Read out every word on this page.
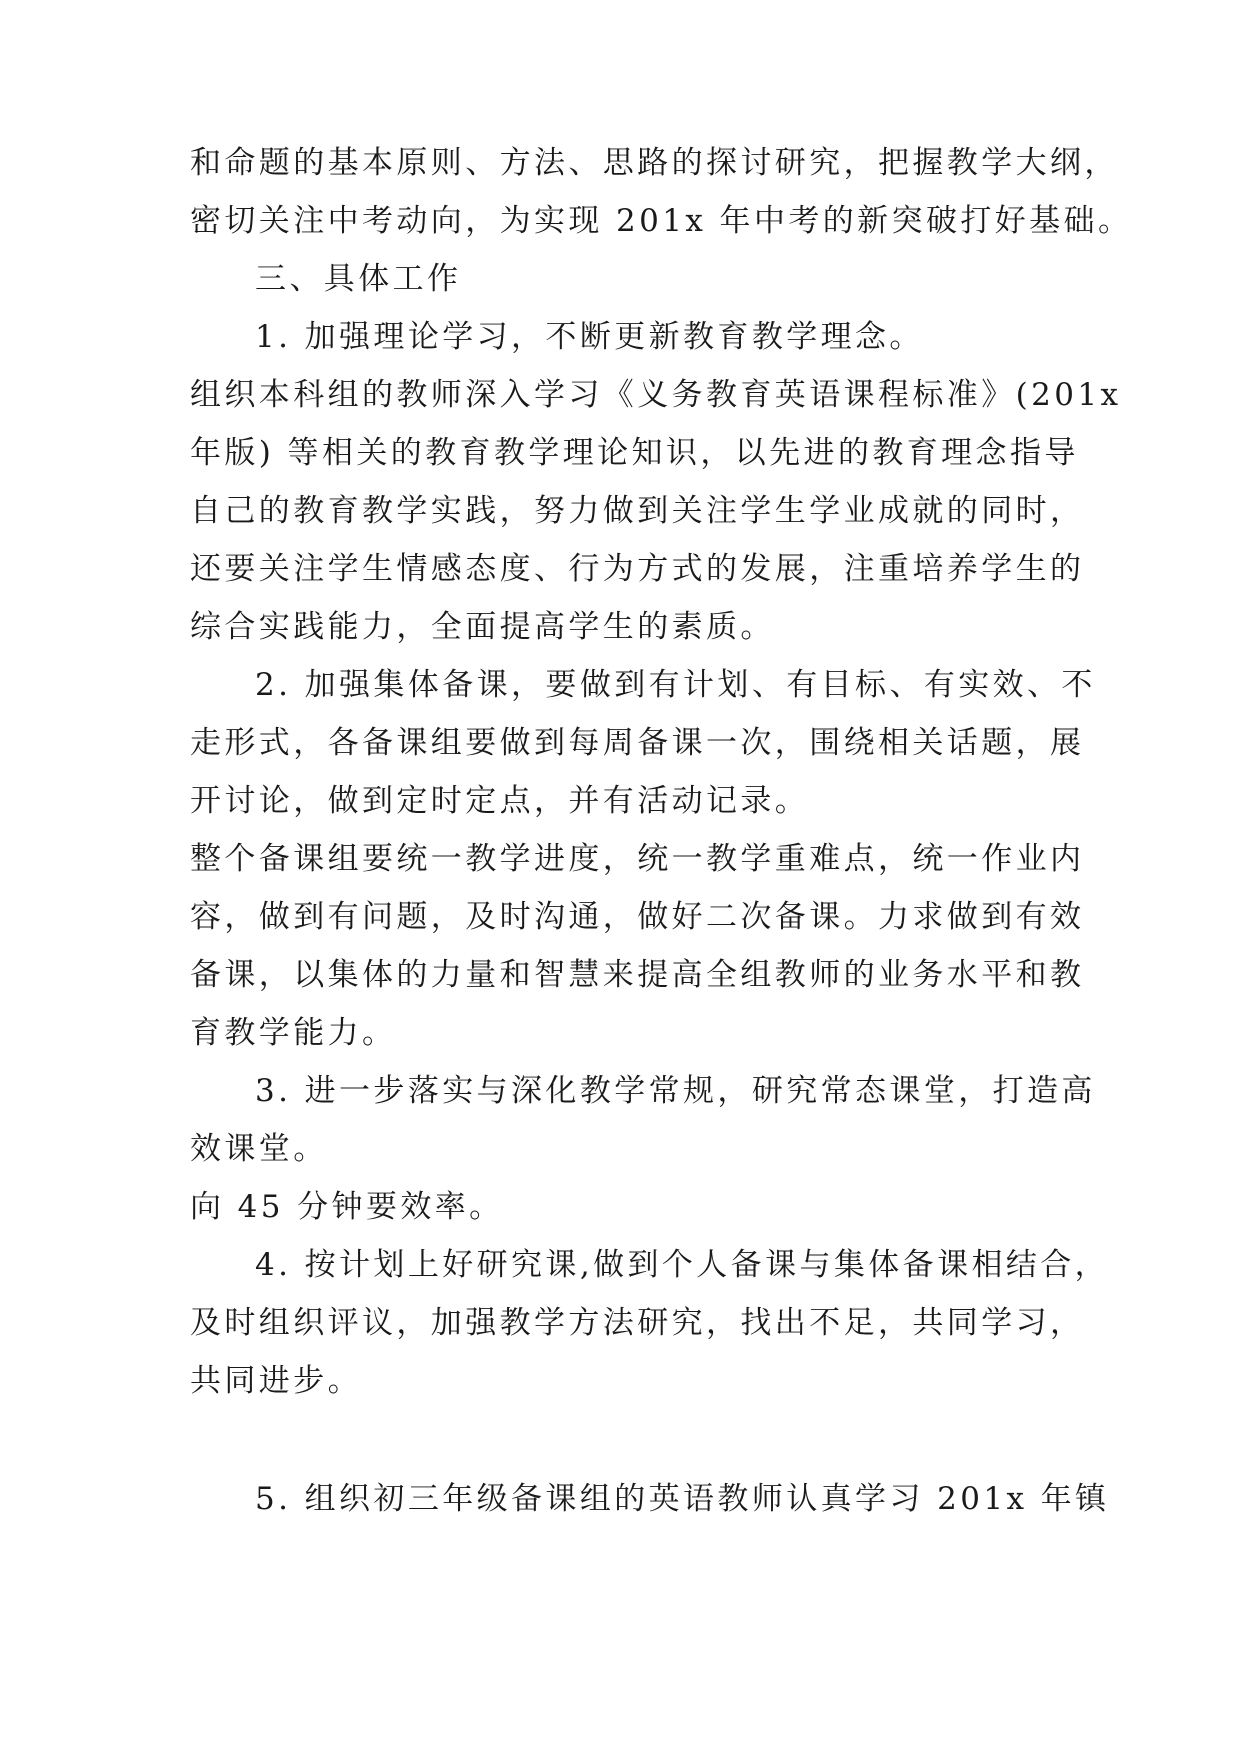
和命题的基本原则、方法、思路的探讨研究，把握教学大纲，
密切关注中考动向，为实现 201x 年中考的新突破打好基础。
三、具体工作
1. 加强理论学习，不断更新教育教学理念。
组织本科组的教师深入学习《义务教育英语课程标准》(201x
年版) 等相关的教育教学理论知识，以先进的教育理念指导
自己的教育教学实践，努力做到关注学生学业成就的同时，
还要关注学生情感态度、行为方式的发展，注重培养学生的
综合实践能力，全面提高学生的素质。
2. 加强集体备课，要做到有计划、有目标、有实效、不
走形式，各备课组要做到每周备课一次，围绕相关话题，展
开讨论，做到定时定点，并有活动记录。
整个备课组要统一教学进度，统一教学重难点，统一作业内
容，做到有问题，及时沟通，做好二次备课。力求做到有效
备课，以集体的力量和智慧来提高全组教师的业务水平和教
育教学能力。
3. 进一步落实与深化教学常规，研究常态课堂，打造高
效课堂。
向 45 分钟要效率。
4. 按计划上好研究课,做到个人备课与集体备课相结合，
及时组织评议，加强教学方法研究，找出不足，共同学习，
共同进步。
5. 组织初三年级备课组的英语教师认真学习 201x 年镇
